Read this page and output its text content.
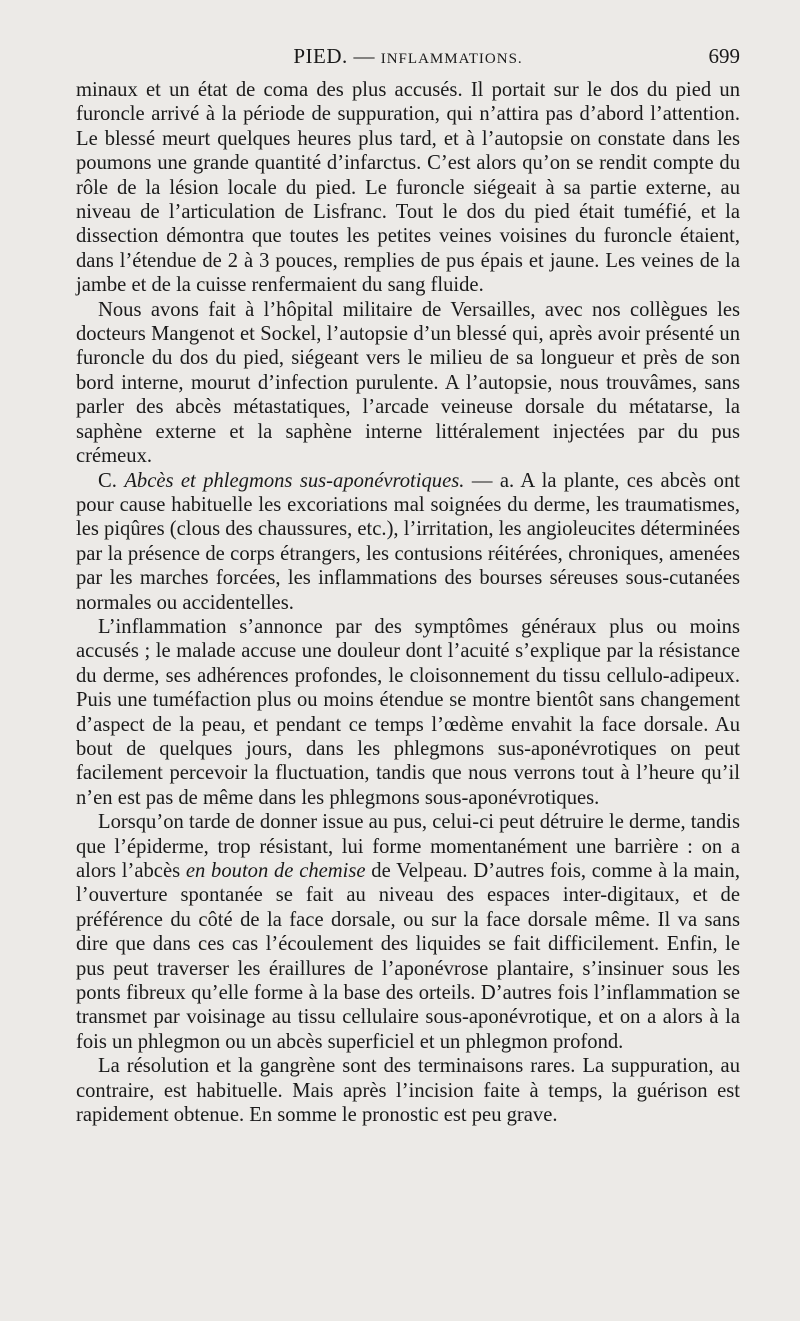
PIED. — INFLAMMATIONS.	699

minaux et un état de coma des plus accusés. Il portait sur le dos du pied un furoncle arrivé à la période de suppuration, qui n’attira pas d’abord l’attention. Le blessé meurt quelques heures plus tard, et à l’autopsie on constate dans les poumons une grande quantité d’infarctus. C’est alors qu’on se rendit compte du rôle de la lésion locale du pied. Le furoncle siégeait à sa partie externe, au niveau de l’articulation de Lisfranc. Tout le dos du pied était tuméfié, et la dissection démontra que toutes les petites veines voisines du furoncle étaient, dans l’étendue de 2 à 3 pouces, remplies de pus épais et jaune. Les veines de la jambe et de la cuisse renfermaient du sang fluide.

Nous avons fait à l’hôpital militaire de Versailles, avec nos collègues les docteurs Mangenot et Sockel, l’autopsie d’un blessé qui, après avoir présenté un furoncle du dos du pied, siégeant vers le milieu de sa longueur et près de son bord interne, mourut d’infection purulente. A l’autopsie, nous trouvâmes, sans parler des abcès métastatiques, l’arcade veineuse dorsale du métatarse, la saphène externe et la saphène interne littéralement injectées par du pus crémeux.

C. Abcès et phlegmons sus-aponévrotiques. — a. A la plante, ces abcès ont pour cause habituelle les excoriations mal soignées du derme, les traumatismes, les piqûres (clous des chaussures, etc.), l’irritation, les angioleucites déterminées par la présence de corps étrangers, les contusions réitérées, chroniques, amenées par les marches forcées, les inflammations des bourses séreuses sous-cutanées normales ou accidentelles.

L’inflammation s’annonce par des symptômes généraux plus ou moins accusés ; le malade accuse une douleur dont l’acuité s’explique par la résistance du derme, ses adhérences profondes, le cloisonnement du tissu cellulo-adipeux. Puis une tuméfaction plus ou moins étendue se montre bientôt sans changement d’aspect de la peau, et pendant ce temps l’œdème envahit la face dorsale. Au bout de quelques jours, dans les phlegmons sus-aponévrotiques on peut facilement percevoir la fluctuation, tandis que nous verrons tout à l’heure qu’il n’en est pas de même dans les phlegmons sous-aponévrotiques.

Lorsqu’on tarde de donner issue au pus, celui-ci peut détruire le derme, tandis que l’épiderme, trop résistant, lui forme momentanément une barrière : on a alors l’abcès en bouton de chemise de Velpeau. D’autres fois, comme à la main, l’ouverture spontanée se fait au niveau des espaces inter-digitaux, et de préférence du côté de la face dorsale, ou sur la face dorsale même. Il va sans dire que dans ces cas l’écoulement des liquides se fait difficilement. Enfin, le pus peut traverser les éraillures de l’aponévrose plantaire, s’insinuer sous les ponts fibreux qu’elle forme à la base des orteils. D’autres fois l’inflammation se transmet par voisinage au tissu cellulaire sous-aponévrotique, et on a alors à la fois un phlegmon ou un abcès superficiel et un phlegmon profond.

La résolution et la gangrène sont des terminaisons rares. La suppuration, au contraire, est habituelle. Mais après l’incision faite à temps, la guérison est rapidement obtenue. En somme le pronostic est peu grave.
